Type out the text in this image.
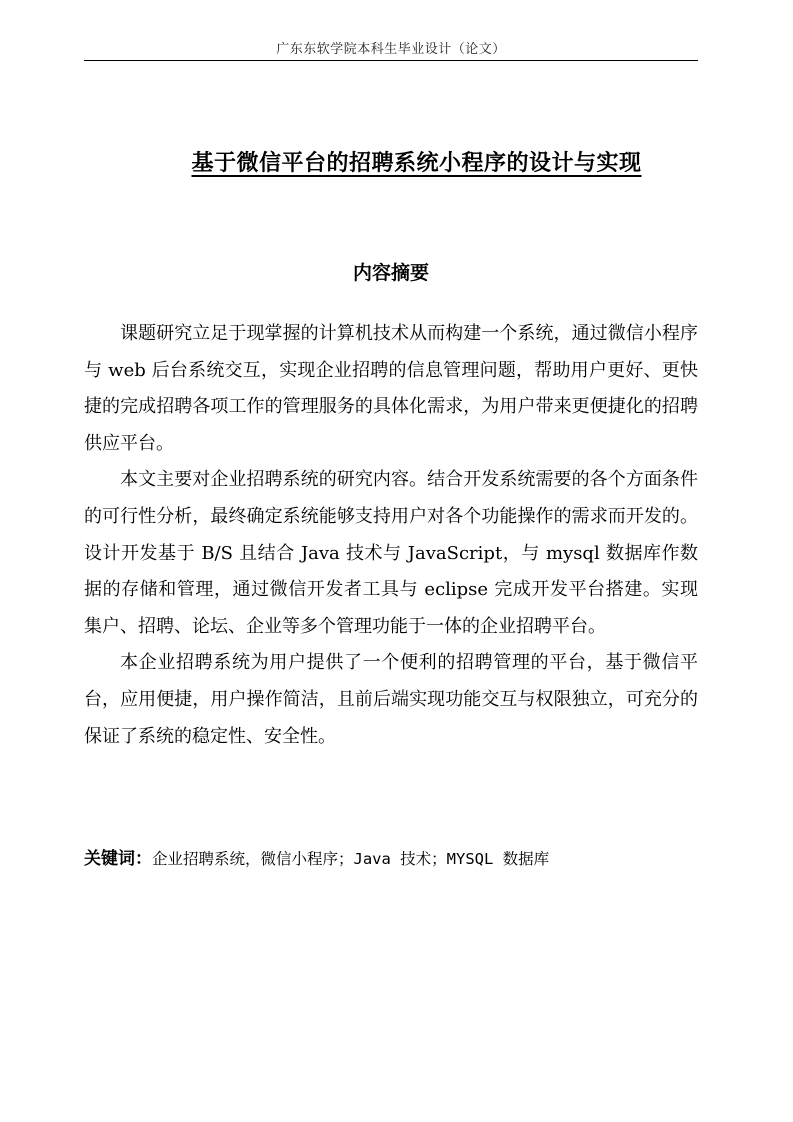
广东东软学院本科生毕业设计（论文）
基于微信平台的招聘系统小程序的设计与实现
内容摘要

课题研究立足于现掌握的计算机技术从而构建一个系统，通过微信小程序与 web 后台系统交互，实现企业招聘的信息管理问题，帮助用户更好、更快捷的完成招聘各项工作的管理服务的具体化需求，为用户带来更便捷化的招聘供应平台。

本文主要对企业招聘系统的研究内容。结合开发系统需要的各个方面条件的可行性分析，最终确定系统能够支持用户对各个功能操作的需求而开发的。设计开发基于 B/S 且结合 Java 技术与 JavaScript，与 mysql 数据库作数据的存储和管理，通过微信开发者工具与 eclipse 完成开发平台搭建。实现集户、招聘、论坛、企业等多个管理功能于一体的企业招聘平台。

本企业招聘系统为用户提供了一个便利的招聘管理的平台，基于微信平台，应用便捷，用户操作简洁，且前后端实现功能交互与权限独立，可充分的保证了系统的稳定性、安全性。

关键词：企业招聘系统，微信小程序；Java 技术；MYSQL 数据库
